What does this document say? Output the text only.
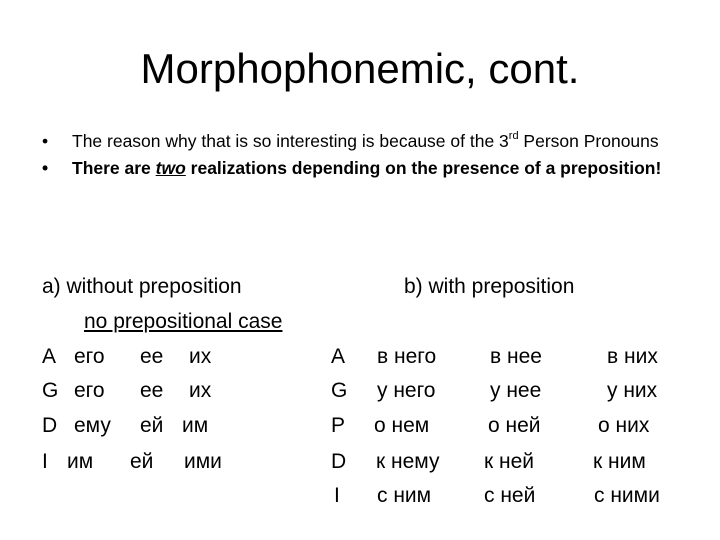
Morphophonemic, cont.
• The reason why that is so interesting is because of the 3rd Person Pronouns
• There are two realizations depending on the presence of a preposition!
a) without preposition
no prepositional case
A его ее их
G его ее их
D ему ей им
I им ей ими
b) with preposition
A в него	в нее	в них
G у него	у нее	у них
P о нем	о ней	о них
D к нему к ней	к ним
I с ним	с ней	с ними
